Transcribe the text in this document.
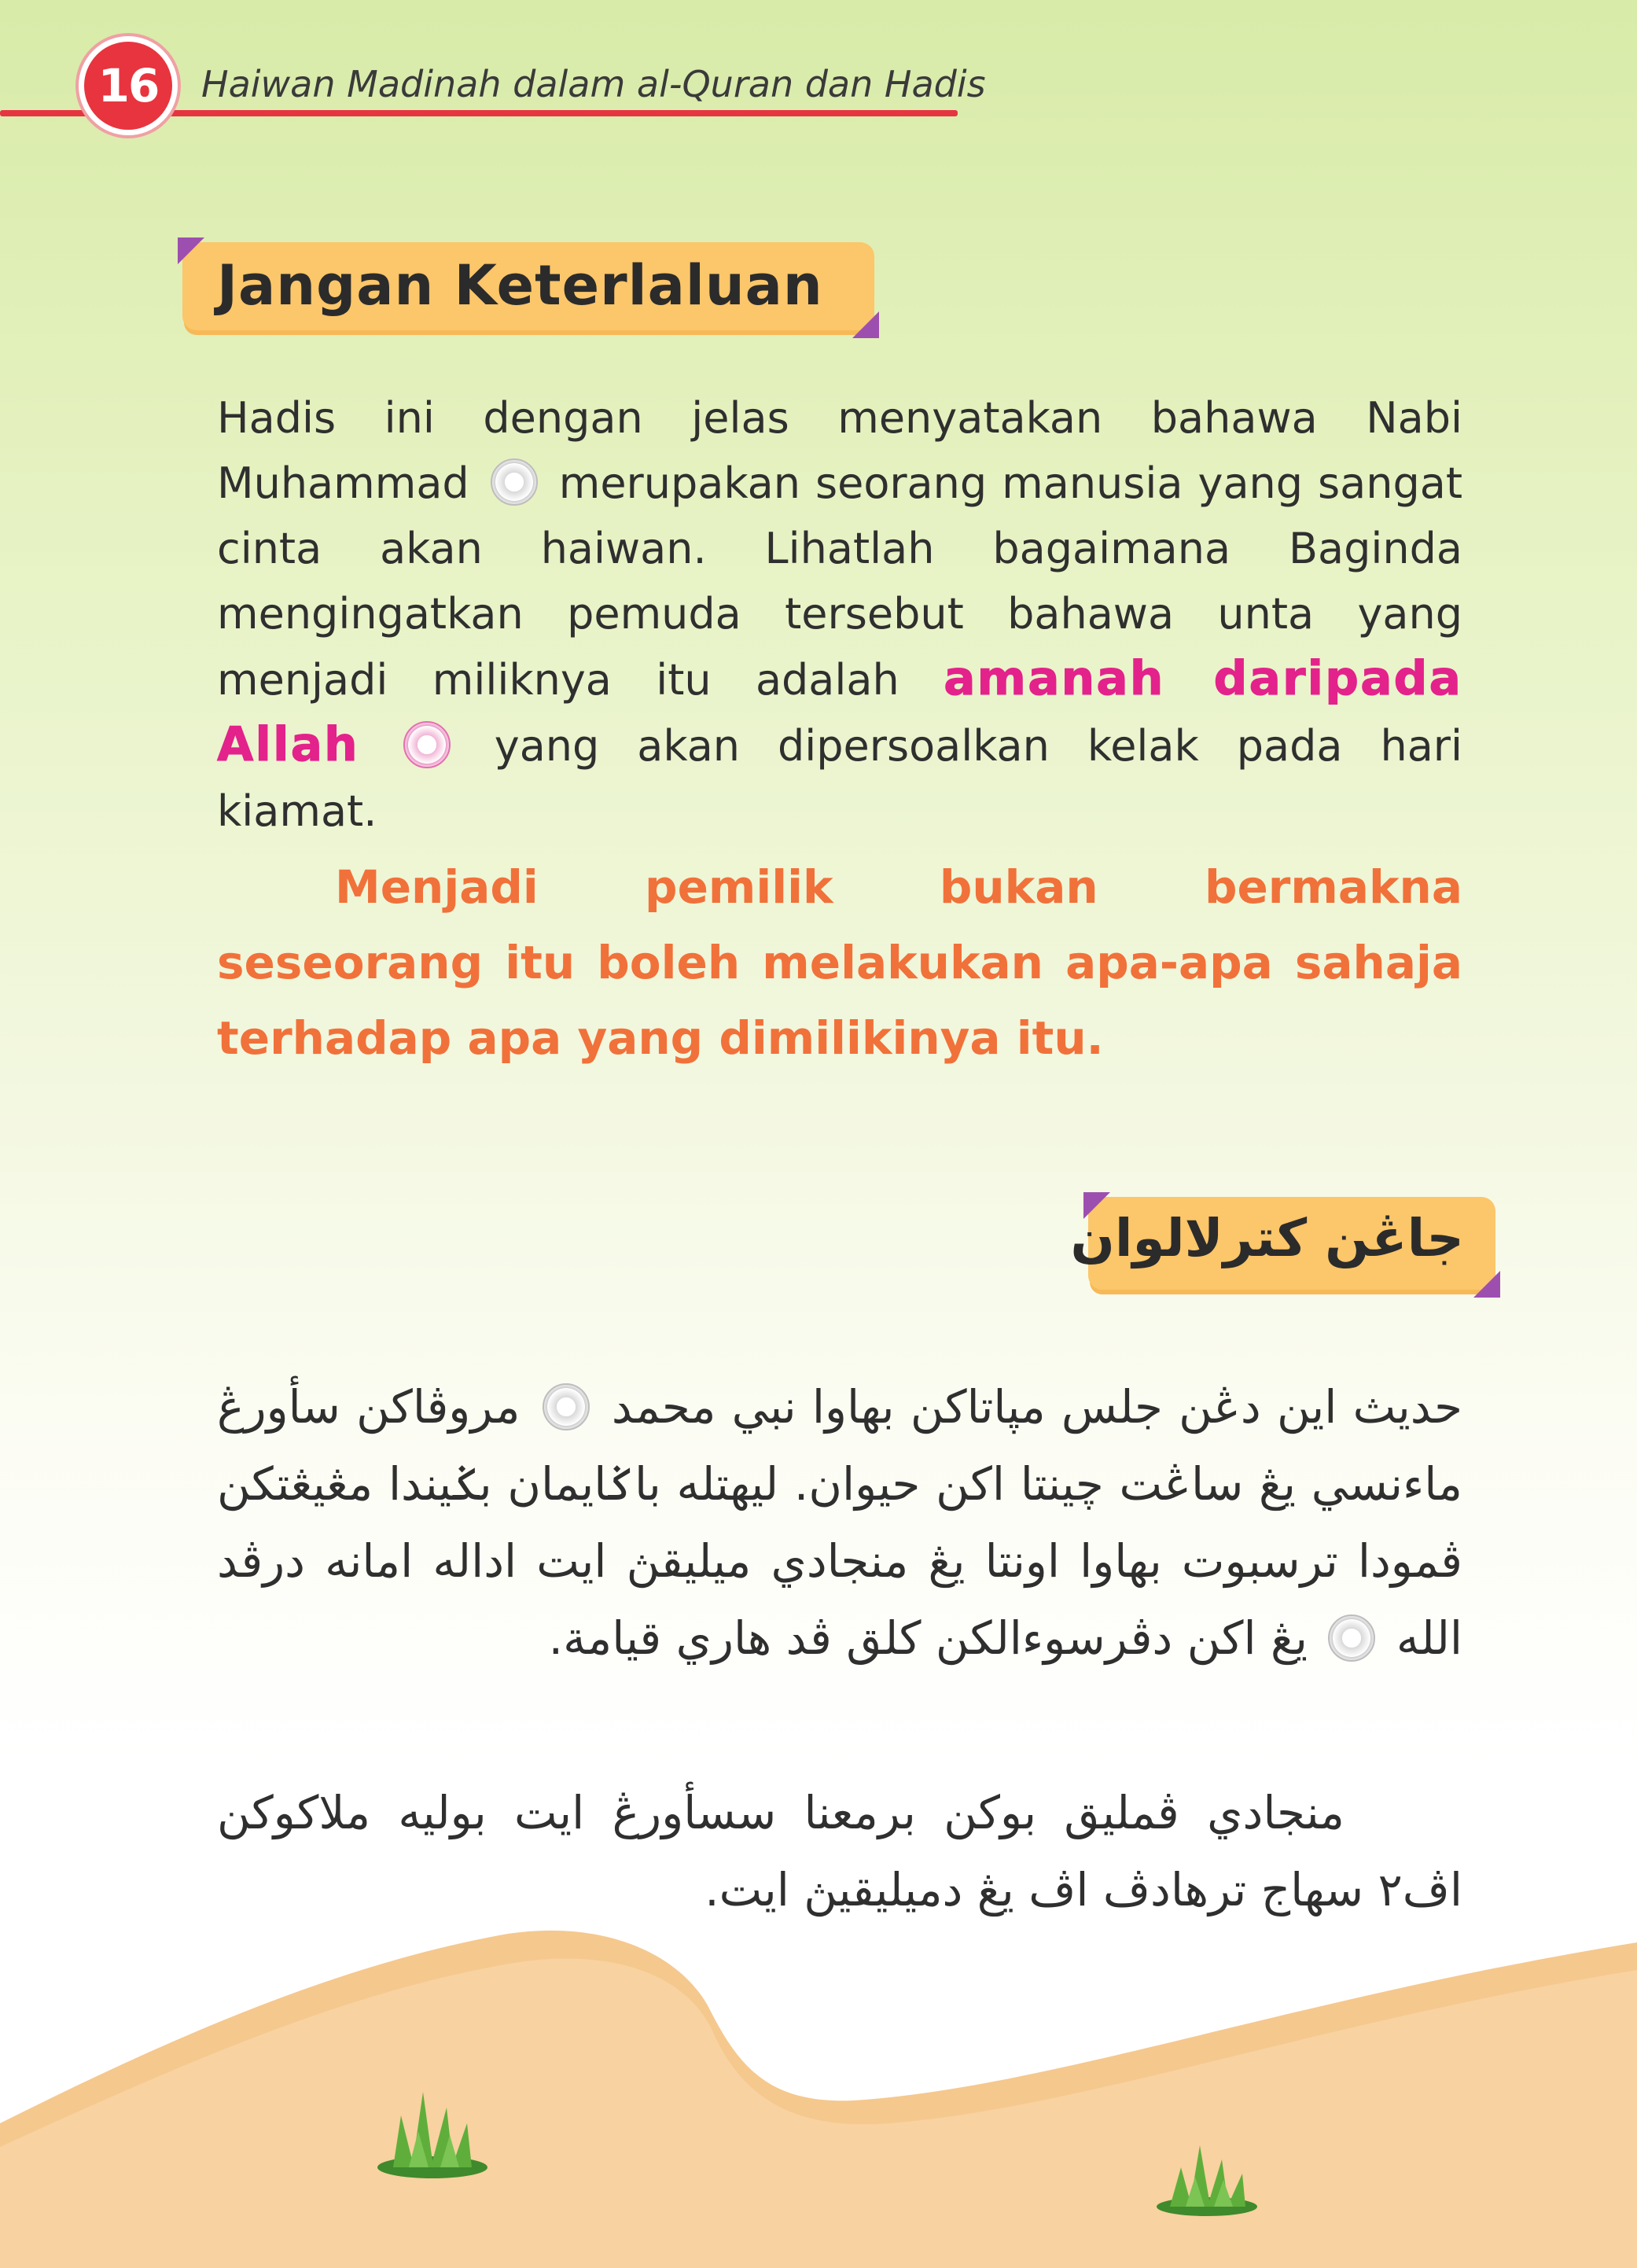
16	Haiwan Madinah dalam al-Quran dan Hadis
Jangan Keterlaluan
Hadis ini dengan jelas menyatakan bahawa Nabi Muhammad merupakan seorang manusia yang sangat cinta akan haiwan. Lihatlah bagaimana Baginda mengingatkan pemuda tersebut bahawa unta yang menjadi miliknya itu adalah amanah daripada Allah	yang akan dipersoalkan kelak pada hari kiamat.
Menjadi pemilik bukan bermakna seseorang itu boleh melakukan apa-apa sahaja terhadap apa yang dimilikinya itu.
جاڠن كترلالوان
حديث اين دڠن جلس مپاتاکن بهاوا نبي محمد  مروڤاکن سأورڠ ماءنسي يڠ ساڠت چينتا اکن حيوان. ليهتله باݢايمان بݢيندا مڠيڠتکن ڤمودا ترسبوت بهاوا اونتا يڠ منجادي ميليقڽ ايت اداله امانه درڤد الله  يڠ اکن دڤرسوءالکن کلق ڤد هاري قيامة.
منجادي ڤمليق بوکن برمعنا سسأورڠ ايت بوليه ملاکوکن اڤ٢ سهاج ترهادڤ اڤ يڠ دميليقيڽ ايت.
